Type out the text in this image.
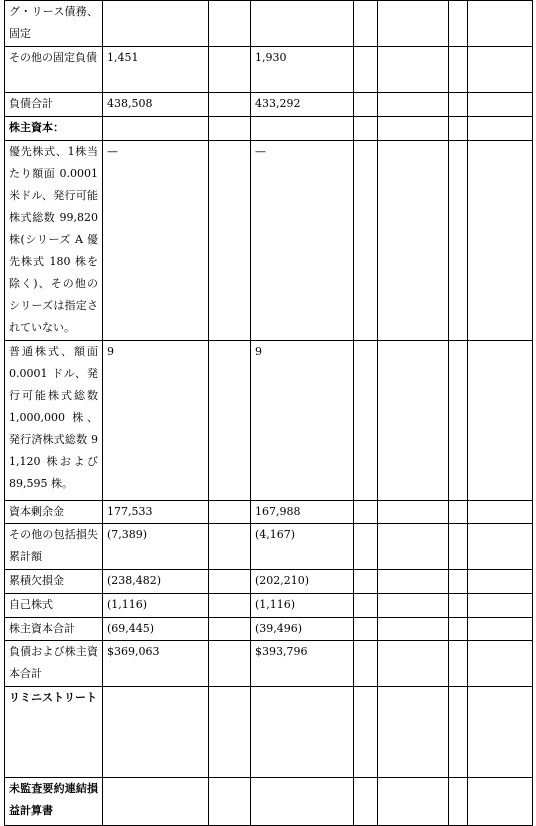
グ・リース債務、固定							
その他の固定負債	1,451		1,930				
負債合計	438,508		433,292				
株主資本：							
優先株式、1株当たり額面 0.0001 米ドル、発行可能株式総数 99,820 株(シリーズ A 優先株式 180 株を除く)、その他のシリーズは指定されていない。	—		—				
普通株式、額面 0.0001 ドル、発行可能株式総数 1,000,000 株、発行済株式総数 91,120 株および 89,595 株。	9		9				
資本剰余金	177,533		167,988				
その他の包括損失累計額	(7,389)		(4,167)				
累積欠損金	(238,482)		(202,210)				
自己株式	(1,116)		(1,116)				
株主資本合計	(69,445)		(39,496)				
負債および株主資本合計	$369,063		$393,796				
リミニストリート							
未監査要約連結損益計算書							
